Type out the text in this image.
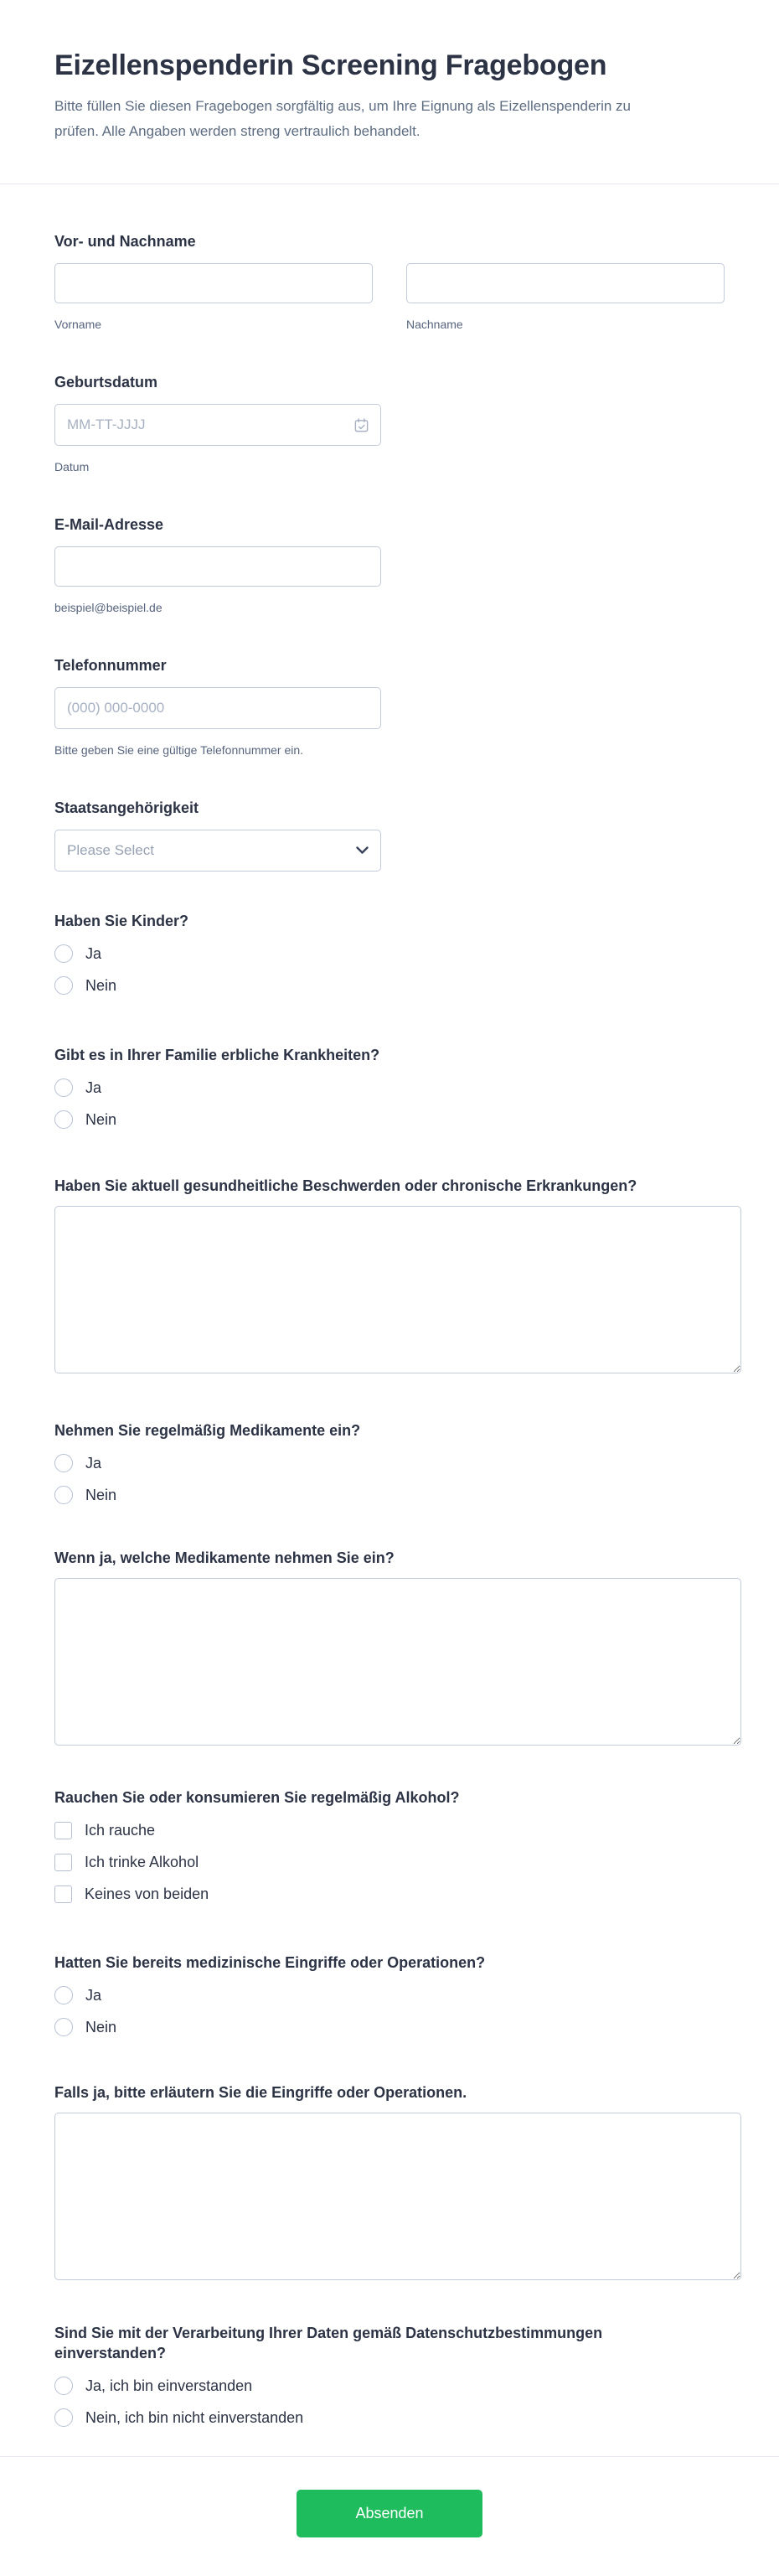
Eizellenspenderin Screening Fragebogen

Bitte füllen Sie diesen Fragebogen sorgfältig aus, um Ihre Eignung als Eizellenspenderin zu prüfen. Alle Angaben werden streng vertraulich behandelt.

Vor- und Nachname
Vorname	Nachname
Geburtsdatum
MM-TT-JJJJ
Datum
E-Mail-Adresse
beispiel@beispiel.de
Telefonnummer
(000) 000-0000
Bitte geben Sie eine gültige Telefonnummer ein.
Staatsangehörigkeit
Please Select
Haben Sie Kinder?
Ja
Nein
Gibt es in Ihrer Familie erbliche Krankheiten?
Ja
Nein
Haben Sie aktuell gesundheitliche Beschwerden oder chronische Erkrankungen?
Nehmen Sie regelmäßig Medikamente ein?
Ja
Nein
Wenn ja, welche Medikamente nehmen Sie ein?
Rauchen Sie oder konsumieren Sie regelmäßig Alkohol?
Ich rauche
Ich trinke Alkohol
Keines von beiden
Hatten Sie bereits medizinische Eingriffe oder Operationen?
Ja
Nein
Falls ja, bitte erläutern Sie die Eingriffe oder Operationen.
Sind Sie mit der Verarbeitung Ihrer Daten gemäß Datenschutzbestimmungen einverstanden?
Ja, ich bin einverstanden
Nein, ich bin nicht einverstanden
Absenden
